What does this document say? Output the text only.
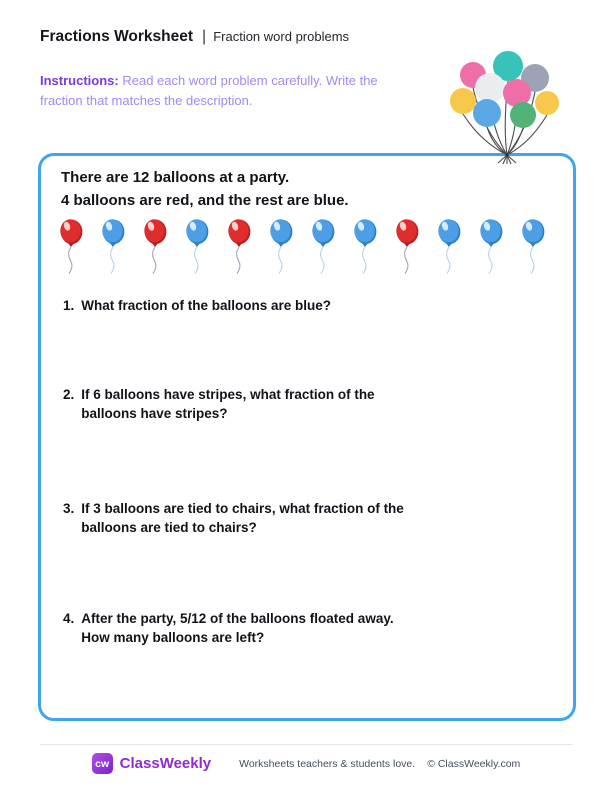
Fractions Worksheet | Fraction word problems
Instructions: Read each word problem carefully. Write the
fraction that matches the description.
There are 12 balloons at a party.
4 balloons are red, and the rest are blue.
1. What fraction of the balloons are blue?
2. If 6 balloons have stripes, what fraction of the
balloons have stripes?
3. If 3 balloons are tied to chairs, what fraction of the
balloons are tied to chairs?
4. After the party, 5/12 of the balloons floated away.
How many balloons are left?
cw ClassWeekly	Worksheets teachers & students love. © ClassWeekly.com
